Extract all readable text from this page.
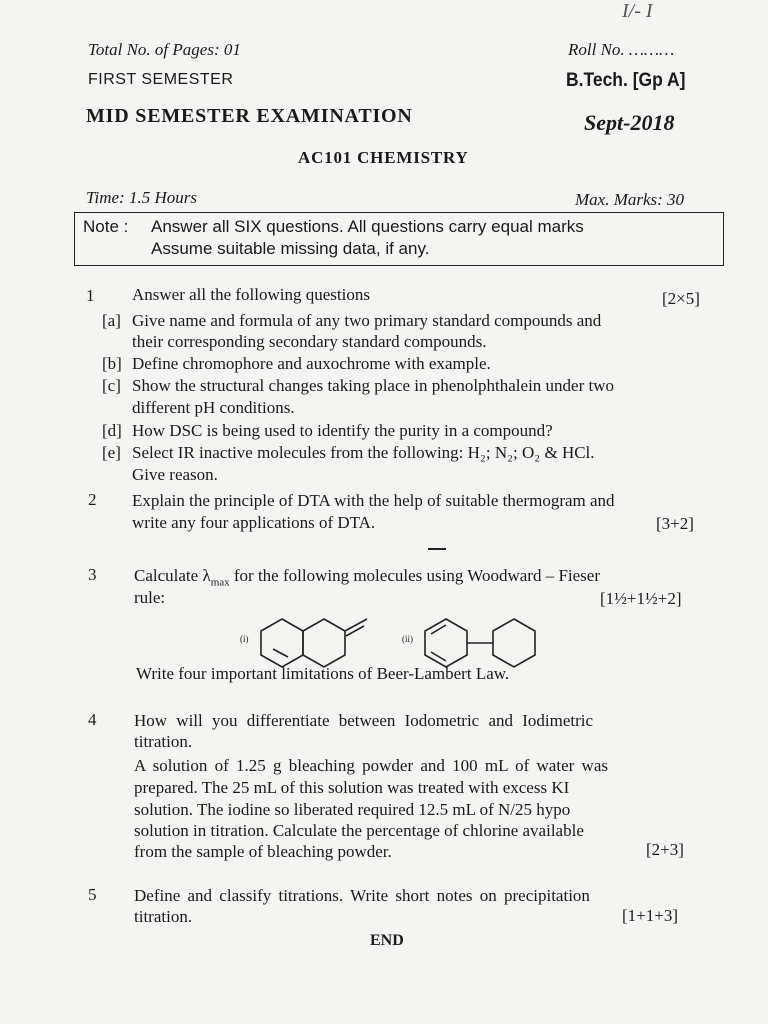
I/- I
Total No. of Pages: 01	Roll No. ………
FIRST SEMESTER	B.Tech. [Gp A]
MID SEMESTER EXAMINATION	Sept-2018
AC101 CHEMISTRY
Time: 1.5 Hours	Max. Marks: 30
Note : Answer all SIX questions. All questions carry equal marks
Assume suitable missing data, if any.
1 Answer all the following questions	[2×5]
[a] Give name and formula of any two primary standard compounds and
their corresponding secondary standard compounds.
[b] Define chromophore and auxochrome with example.
[c] Show the structural changes taking place in phenolphthalein under two
different pH conditions.
[d] How DSC is being used to identify the purity in a compound?
[e] Select IR inactive molecules from the following: H₂; N₂; O₂ & HCl.
Give reason.
2 Explain the principle of DTA with the help of suitable thermogram and
write any four applications of DTA.	[3+2]
3 Calculate $\lambda_{max}$ for the following molecules using Woodward – Fieser
rule:	[1½+1½+2]
(i)	(ii)
Write four important limitations of Beer-Lambert Law.
4 How will you differentiate between Iodometric and Iodimetric
titration.
A solution of 1.25 g bleaching powder and 100 mL of water was
prepared. The 25 mL of this solution was treated with excess KI
solution. The iodine so liberated required 12.5 mL of N/25 hypo
solution in titration. Calculate the percentage of chlorine available
from the sample of bleaching powder.	[2+3]
5 Define and classify titrations. Write short notes on precipitation
titration.	[1+1+3]
END
